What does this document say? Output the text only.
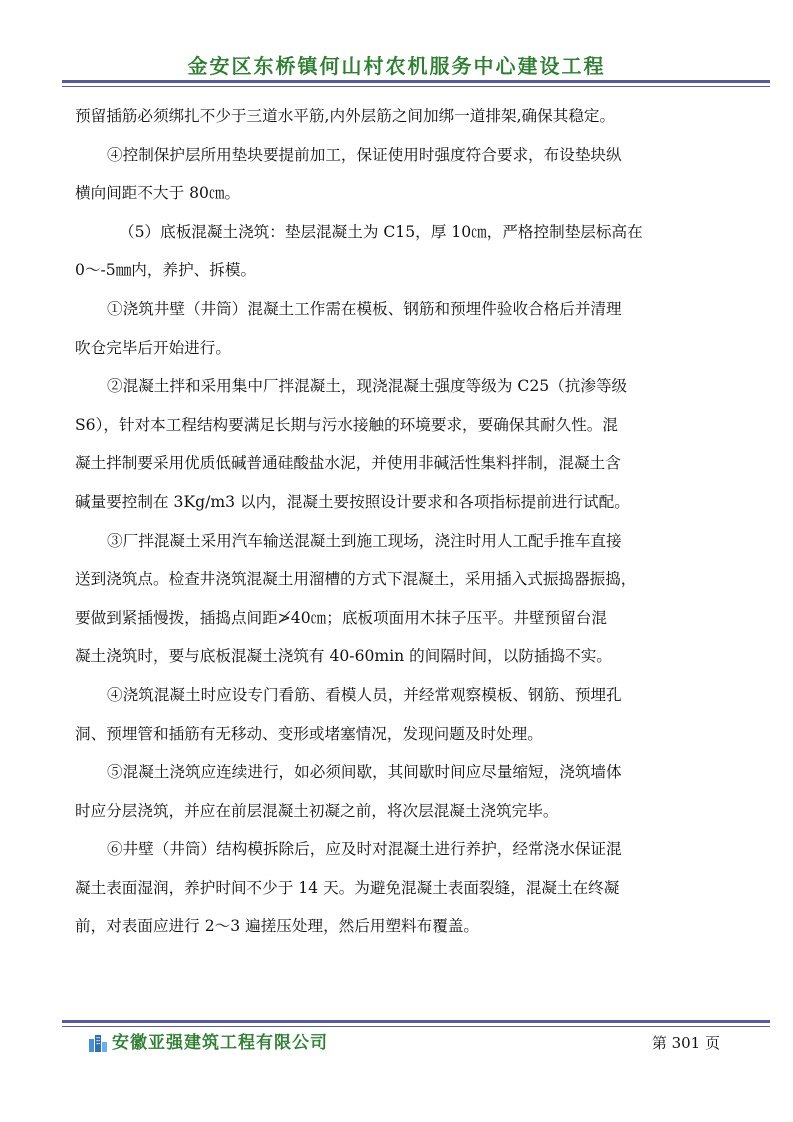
金安区东桥镇何山村农机服务中心建设工程
预留插筋必须绑扎不少于三道水平筋,内外层筋之间加绑一道排架,确保其稳定。
④控制保护层所用垫块要提前加工，保证使用时强度符合要求，布设垫块纵
横向间距不大于 80㎝。
（5）底板混凝土浇筑：垫层混凝土为 C15，厚 10㎝，严格控制垫层标高在
0～-5㎜内，养护、拆模。
①浇筑井壁（井筒）混凝土工作需在模板、钢筋和预埋件验收合格后并清理
吹仓完毕后开始进行。
②混凝土拌和采用集中厂拌混凝土，现浇混凝土强度等级为 C25（抗渗等级
S6），针对本工程结构要满足长期与污水接触的环境要求，要确保其耐久性。混
凝土拌制要采用优质低碱普通硅酸盐水泥，并使用非碱活性集料拌制，混凝土含
碱量要控制在 3Kg/m3 以内，混凝土要按照设计要求和各项指标提前进行试配。
③厂拌混凝土采用汽车输送混凝土到施工现场，浇注时用人工配手推车直接
送到浇筑点。检查井浇筑混凝土用溜槽的方式下混凝土，采用插入式振捣器振捣，
要做到紧插慢拨，插捣点间距≯40㎝；底板项面用木抹子压平。井壁预留台混
凝土浇筑时，要与底板混凝土浇筑有 40-60min 的间隔时间，以防插捣不实。
④浇筑混凝土时应设专门看筋、看模人员，并经常观察模板、钢筋、预埋孔
洞、预埋管和插筋有无移动、变形或堵塞情况，发现问题及时处理。
⑤混凝土浇筑应连续进行，如必须间歇，其间歇时间应尽量缩短，浇筑墙体
时应分层浇筑，并应在前层混凝土初凝之前，将次层混凝土浇筑完毕。
⑥井壁（井筒）结构模拆除后，应及时对混凝土进行养护，经常浇水保证混
凝土表面湿润，养护时间不少于 14 天。为避免混凝土表面裂缝，混凝土在终凝
前，对表面应进行 2～3 遍搓压处理，然后用塑料布覆盖。
安徽亚强建筑工程有限公司	第 301 页
